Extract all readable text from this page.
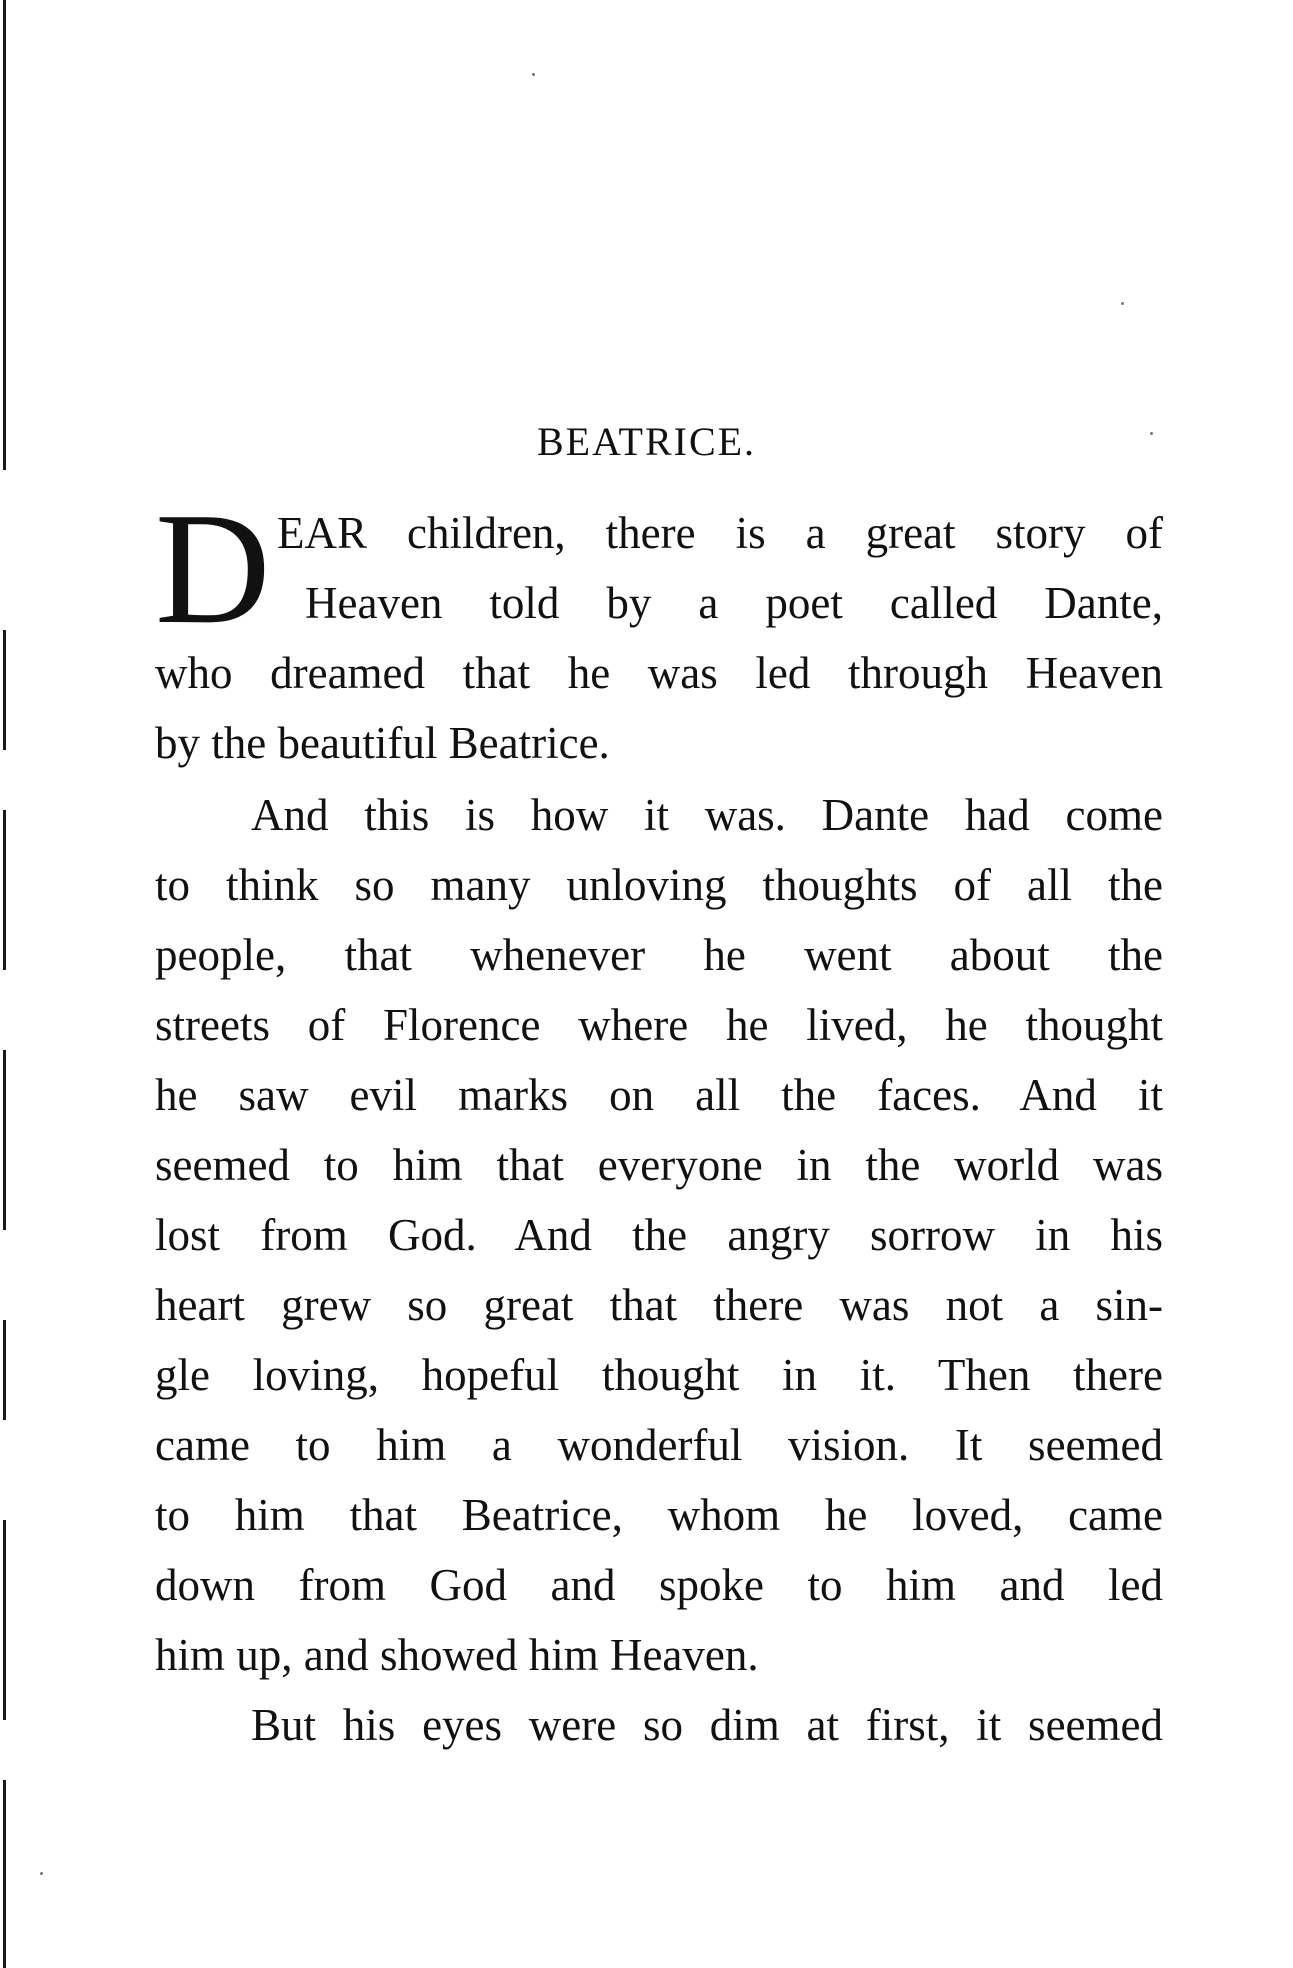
BEATRICE.
D EAR children, there is a great story of
Heaven told by a poet called Dante,
who dreamed that he was led through Heaven
by the beautiful Beatrice.
And this is how it was. Dante had come
to think so many unloving thoughts of all the
people, that whenever he went about the
streets of Florence where he lived, he thought
he saw evil marks on all the faces. And it
seemed to him that everyone in the world was
lost from God. And the angry sorrow in his
heart grew so great that there was not a sin-
gle loving, hopeful thought in it. Then there
came to him a wonderful vision. It seemed
to him that Beatrice, whom he loved, came
down from God and spoke to him and led
him up, and showed him Heaven.
But his eyes were so dim at first, it seemed
